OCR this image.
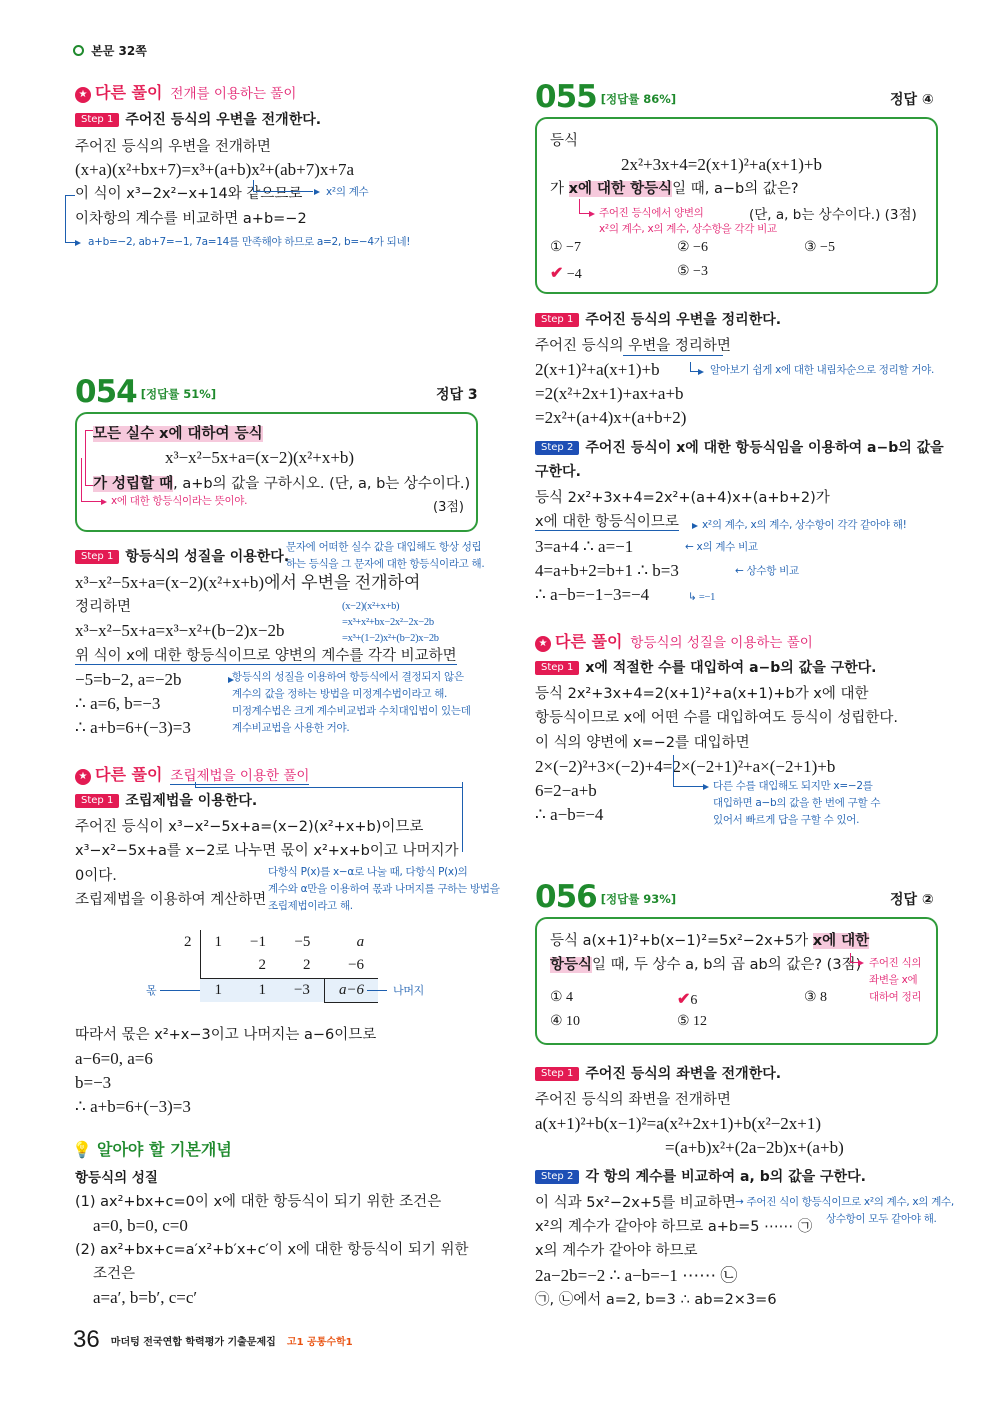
본문 32쪽
★ 다른 풀이 전개를 이용하는 풀이
Step 1 주어진 등식의 우변을 전개한다.
주어진 등식의 우변을 전개하면
(x+a)(x²+bx+7)=x³+(a+b)x²+(ab+7)x+7a
이 식이 x³−2x²−x+14와 같으므로
이차항의 계수를 비교하면 a+b=−2
x²의 계수
a+b=−2, ab+7=−1, 7a=14를 만족해야 하므로 a=2, b=−4가 되네!
054 [정답률 51%]	정답 3
모든 실수 x에 대하여 등식
x³−x²−5x+a=(x−2)(x²+x+b)
가 성립할 때, a+b의 값을 구하시오. (단, a, b는 상수이다.)
x에 대한 항등식이라는 뜻이야.	(3점)
Step 1 항등식의 성질을 이용한다.
문자에 어떠한 실수 값을 대입해도 항상 성립
하는 등식을 그 문자에 대한 항등식이라고 해.
x³−x²−5x+a=(x−2)(x²+x+b)에서 우변을 전개하여
정리하면
x³−x²−5x+a=x³−x²+(b−2)x−2b
(x−2)(x²+x+b)
=x³+x²+bx−2x²−2x−2b
=x³+(1−2)x²+(b−2)x−2b
위 식이 x에 대한 항등식이므로 양변의 계수를 각각 비교하면
−5=b−2, a=−2b
∴ a=6, b=−3
∴ a+b=6+(−3)=3
항등식의 성질을 이용하여 항등식에서 결정되지 않은
계수의 값을 정하는 방법을 미정계수법이라고 해.
미정계수법은 크게 계수비교법과 수치대입법이 있는데
계수비교법을 사용한 거야.
★ 다른 풀이 조립제법을 이용한 풀이
Step 1 조립제법을 이용한다.
주어진 등식이 x³−x²−5x+a=(x−2)(x²+x+b)이므로
x³−x²−5x+a를 x−2로 나누면 몫이 x²+x+b이고 나머지가
0이다.
조립제법을 이용하여 계산하면
다항식 P(x)를 x−α로 나눌 때, 다항식 P(x)의
계수와 α만을 이용하여 몫과 나머지를 구하는 방법을
조립제법이라고 해.
2	1	−1	−5	a
		2	2	−6
	1	1	−3	a−6
몫	나머지
따라서 몫은 x²+x−3이고 나머지는 a−6이므로
a−6=0, a=6
b=−3
∴ a+b=6+(−3)=3
💡 알아야 할 기본개념
항등식의 성질
(1) ax²+bx+c=0이 x에 대한 항등식이 되기 위한 조건은
a=0, b=0, c=0
(2) ax²+bx+c=a′x²+b′x+c′이 x에 대한 항등식이 되기 위한
조건은
a=a′, b=b′, c=c′
055 [정답률 86%]	정답 ④
등식
2x²+3x+4=2(x+1)²+a(x+1)+b
가 x에 대한 항등식일 때, a−b의 값은?
주어진 등식에서 양변의
x²의 계수, x의 계수, 상수항을 각각 비교
(단, a, b는 상수이다.) (3점)
① −7	② −6	③ −5
✔ −4	⑤ −3
Step 1 주어진 등식의 우변을 정리한다.
주어진 등식의 우변을 정리하면
2(x+1)²+a(x+1)+b	알아보기 쉽게 x에 대한 내림차순으로 정리할 거야.
=2(x²+2x+1)+ax+a+b
=2x²+(a+4)x+(a+b+2)
Step 2 주어진 등식이 x에 대한 항등식임을 이용하여 a−b의 값을
구한다.
등식 2x²+3x+4=2x²+(a+4)x+(a+b+2)가
x에 대한 항등식이므로 x²의 계수, x의 계수, 상수항이 각각 같아야 해!
3=a+4 ∴ a=−1	← x의 계수 비교
4=a+b+2=b+1 ∴ b=3	← 상수항 비교
∴ a−b=−1−3=−4	↳ =−1
★ 다른 풀이 항등식의 성질을 이용하는 풀이
Step 1 x에 적절한 수를 대입하여 a−b의 값을 구한다.
등식 2x²+3x+4=2(x+1)²+a(x+1)+b가 x에 대한
항등식이므로 x에 어떤 수를 대입하여도 등식이 성립한다.
이 식의 양변에 x=−2를 대입하면
2×(−2)²+3×(−2)+4=2×(−2+1)²+a×(−2+1)+b
6=2−a+b
∴ a−b=−4
다른 수를 대입해도 되지만 x=−2를
대입하면 a−b의 값을 한 번에 구할 수
있어서 빠르게 답을 구할 수 있어.
056 [정답률 93%]	정답 ②
등식 a(x+1)²+b(x−1)²=5x²−2x+5가 x에 대한
항등식일 때, 두 상수 a, b의 곱 ab의 값은? (3점) 주어진 식의
좌변을 x에
대하여 정리
① 4	✔6	③ 8
④ 10	⑤ 12
Step 1 주어진 등식의 좌변을 전개한다.
주어진 등식의 좌변을 전개하면
a(x+1)²+b(x−1)²=a(x²+2x+1)+b(x²−2x+1)
=(a+b)x²+(2a−2b)x+(a+b)
Step 2 각 항의 계수를 비교하여 a, b의 값을 구한다.
이 식과 5x²−2x+5를 비교하면 → 주어진 식이 항등식이므로 x²의 계수, x의 계수,
상수항이 모두 같아야 해.
x²의 계수가 같아야 하므로 a+b=5 ⋯⋯ ㉠
x의 계수가 같아야 하므로
2a−2b=−2 ∴ a−b=−1 ⋯⋯ ㉡
㉠, ㉡에서 a=2, b=3 ∴ ab=2×3=6
36 마더텅 전국연합 학력평가 기출문제집 고1 공통수학1
